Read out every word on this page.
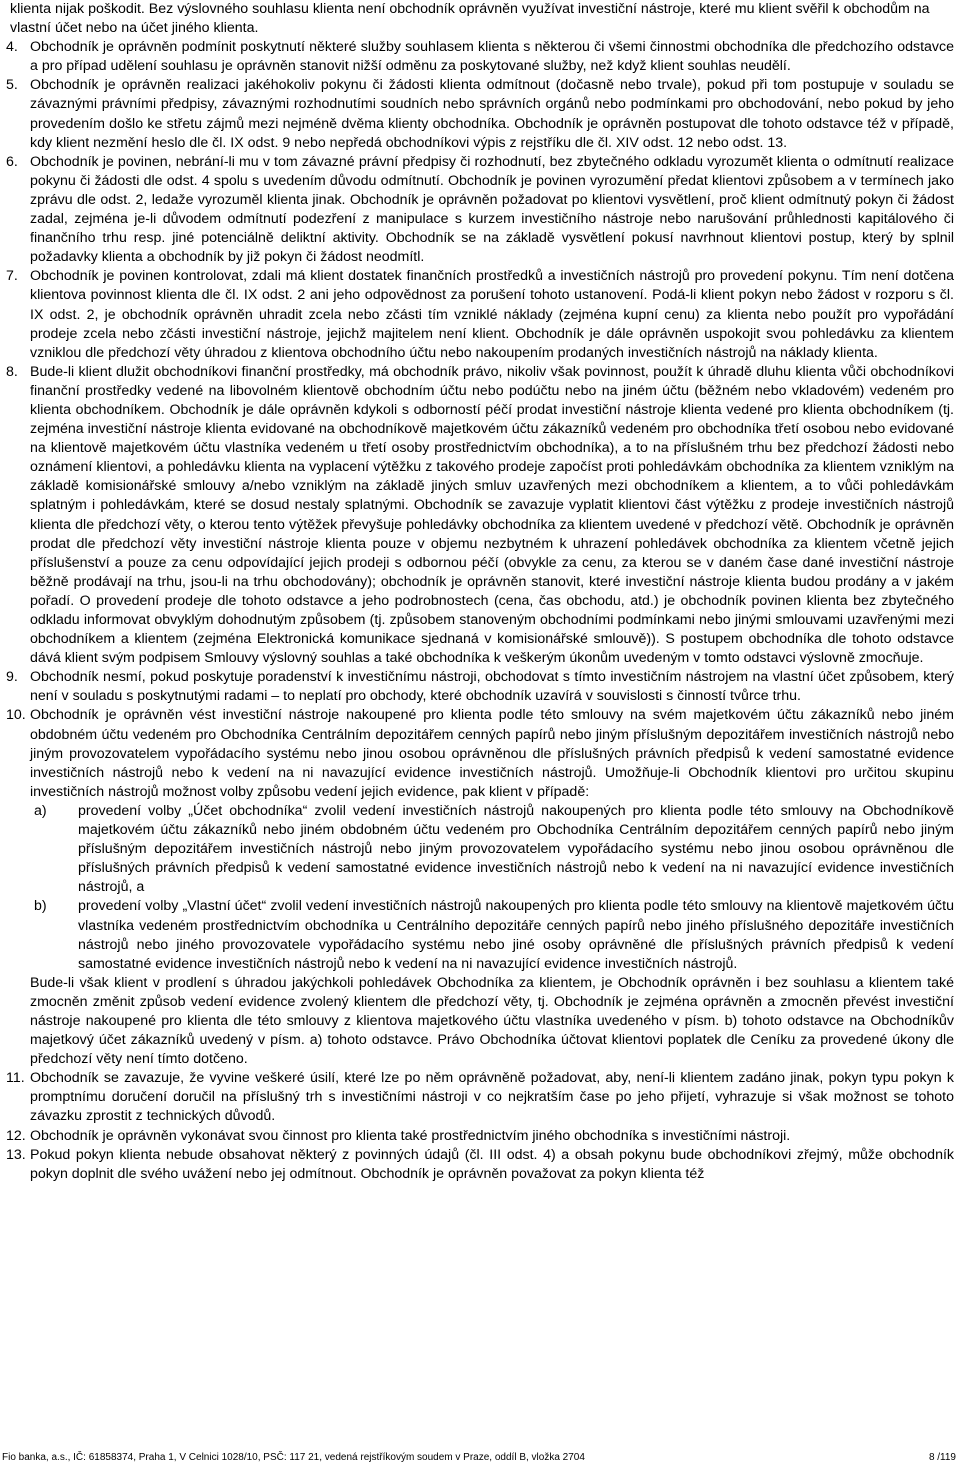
klienta nijak poškodit. Bez výslovného souhlasu klienta není obchodník oprávněn využívat investiční nástroje, které mu klient svěřil k obchodům na vlastní účet nebo na účet jiného klienta.

4. Obchodník je oprávněn podmínit poskytnutí některé služby souhlasem klienta s některou či všemi činnostmi obchodníka dle předchozího odstavce a pro případ udělení souhlasu je oprávněn stanovit nižší odměnu za poskytované služby, než když klient souhlas neudělí.

5. Obchodník je oprávněn realizaci jakéhokoliv pokynu či žádosti klienta odmítnout (dočasně nebo trvale), pokud při tom postupuje v souladu se závaznými právními předpisy, závaznými rozhodnutími soudních nebo správních orgánů nebo podmínkami pro obchodování, nebo pokud by jeho provedením došlo ke střetu zájmů mezi nejméně dvěma klienty obchodníka. Obchodník je oprávněn postupovat dle tohoto odstavce též v případě, kdy klient nezmění heslo dle čl. IX odst. 9 nebo nepředá obchodníkovi výpis z rejstříku dle čl. XIV odst. 12 nebo odst. 13.

6. Obchodník je povinen, nebrání-li mu v tom závazné právní předpisy či rozhodnutí, bez zbytečného odkladu vyrozumět klienta o odmítnutí realizace pokynu či žádosti dle odst. 4 spolu s uvedením důvodu odmítnutí. Obchodník je povinen vyrozumění předat klientovi způsobem a v termínech jako zprávu dle odst. 2, ledaže vyrozuměl klienta jinak. Obchodník je oprávněn požadovat po klientovi vysvětlení, proč klient odmítnutý pokyn či žádost zadal, zejména je-li důvodem odmítnutí podezření z manipulace s kurzem investičního nástroje nebo narušování průhlednosti kapitálového či finančního trhu resp. jiné potenciálně deliktní aktivity. Obchodník se na základě vysvětlení pokusí navrhnout klientovi postup, který by splnil požadavky klienta a obchodník by již pokyn či žádost neodmítl.

7. Obchodník je povinen kontrolovat, zdali má klient dostatek finančních prostředků a investičních nástrojů pro provedení pokynu. Tím není dotčena klientova povinnost klienta dle čl. IX odst. 2 ani jeho odpovědnost za porušení tohoto ustanovení. Podá-li klient pokyn nebo žádost v rozporu s čl. IX odst. 2, je obchodník oprávněn uhradit zcela nebo zčásti tím vzniklé náklady (zejména kupní cenu) za klienta nebo použít pro vypořádání prodeje zcela nebo zčásti investiční nástroje, jejichž majitelem není klient. Obchodník je dále oprávněn uspokojit svou pohledávku za klientem vzniklou dle předchozí věty úhradou z klientova obchodního účtu nebo nakoupením prodaných investičních nástrojů na náklady klienta.

8. Bude-li klient dlužit obchodníkovi finanční prostředky, má obchodník právo, nikoliv však povinnost, použít k úhradě dluhu klienta vůči obchodníkovi finanční prostředky vedené na libovolném klientově obchodním účtu nebo podúčtu nebo na jiném účtu (běžném nebo vkladovém) vedeném pro klienta obchodníkem. Obchodník je dále oprávněn kdykoli s odborností péčí prodat investiční nástroje klienta vedené pro klienta obchodníkem (tj. zejména investiční nástroje klienta evidované na obchodníkově majetkovém účtu zákazníků vedeném pro obchodníka třetí osobou nebo evidované na klientově majetkovém účtu vlastníka vedeném u třetí osoby prostřednictvím obchodníka), a to na příslušném trhu bez předchozí žádosti nebo oznámení klientovi, a pohledávku klienta na vyplacení výtěžku z takového prodeje započíst proti pohledávkám obchodníka za klientem vzniklým na základě komisionářské smlouvy a/nebo vzniklým na základě jiných smluv uzavřených mezi obchodníkem a klientem, a to vůči pohledávkám splatným i pohledávkám, které se dosud nestaly splatnými. Obchodník se zavazuje vyplatit klientovi část výtěžku z prodeje investičních nástrojů klienta dle předchozí věty, o kterou tento výtěžek převyšuje pohledávky obchodníka za klientem uvedené v předchozí větě. Obchodník je oprávněn prodat dle předchozí věty investiční nástroje klienta pouze v objemu nezbytném k uhrazení pohledávek obchodníka za klientem včetně jejich příslušenství a pouze za cenu odpovídající jejich prodeji s odbornou péčí (obvykle za cenu, za kterou se v daném čase dané investiční nástroje běžně prodávají na trhu, jsou-li na trhu obchodovány); obchodník je oprávněn stanovit, které investiční nástroje klienta budou prodány a v jakém pořadí. O provedení prodeje dle tohoto odstavce a jeho podrobnostech (cena, čas obchodu, atd.) je obchodník povinen klienta bez zbytečného odkladu informovat obvyklým dohodnutým způsobem (tj. způsobem stanoveným obchodními podmínkami nebo jinými smlouvami uzavřenými mezi obchodníkem a klientem (zejména Elektronická komunikace sjednaná v komisionářské smlouvě)). S postupem obchodníka dle tohoto odstavce dává klient svým podpisem Smlouvy výslovný souhlas a také obchodníka k veškerým úkonům uvedeným v tomto odstavci výslovně zmocňuje.

9. Obchodník nesmí, pokud poskytuje poradenství k investičnímu nástroji, obchodovat s tímto investičním nástrojem na vlastní účet způsobem, který není v souladu s poskytnutými radami – to neplatí pro obchody, které obchodník uzavírá v souvislosti s činností tvůrce trhu.

10. Obchodník je oprávněn vést investiční nástroje nakoupené pro klienta podle této smlouvy na svém majetkovém účtu zákazníků nebo jiném obdobném účtu vedeném pro Obchodníka Centrálním depozitářem cenných papírů nebo jiným příslušným depozitářem investičních nástrojů nebo jiným provozovatelem vypořádacího systému nebo jinou osobou oprávněnou dle příslušných právních předpisů k vedení samostatné evidence investičních nástrojů nebo k vedení na ni navazující evidence investičních nástrojů. Umožňuje-li Obchodník klientovi pro určitou skupinu investičních nástrojů možnost volby způsobu vedení jejich evidence, pak klient v případě:

a)	provedení volby „Účet obchodníka“ zvolil vedení investičních nástrojů nakoupených pro klienta podle této smlouvy na Obchodníkově majetkovém účtu zákazníků nebo jiném obdobném účtu vedeném pro Obchodníka Centrálním depozitářem cenných papírů nebo jiným příslušným depozitářem investičních nástrojů nebo jiným provozovatelem vypořádacího systému nebo jinou osobou oprávněnou dle příslušných právních předpisů k vedení samostatné evidence investičních nástrojů nebo k vedení na ni navazující evidence investičních nástrojů, a
b)	provedení volby „Vlastní účet“ zvolil vedení investičních nástrojů nakoupených pro klienta podle této smlouvy na klientově majetkovém účtu vlastníka vedeném prostřednictvím obchodníka u Centrálního depozitáře cenných papírů nebo jiného příslušného depozitáře investičních nástrojů nebo jiného provozovatele vypořádacího systému nebo jiné osoby oprávněné dle příslušných právních předpisů k vedení samostatné evidence investičních nástrojů nebo k vedení na ni navazující evidence investičních nástrojů.

Bude-li však klient v prodlení s úhradou jakýchkoli pohledávek Obchodníka za klientem, je Obchodník oprávněn i bez souhlasu a klientem také zmocněn změnit způsob vedení evidence zvolený klientem dle předchozí věty, tj. Obchodník je zejména oprávněn a zmocněn převést investiční nástroje nakoupené pro klienta dle této smlouvy z klientova majetkového účtu vlastníka uvedeného v písm. b) tohoto odstavce na Obchodníkův majetkový účet zákazníků uvedený v písm. a) tohoto odstavce. Právo Obchodníka účtovat klientovi poplatek dle Ceníku za provedené úkony dle předchozí věty není tímto dotčeno.

11. Obchodník se zavazuje, že vyvine veškeré úsilí, které lze po něm oprávněně požadovat, aby, není-li klientem zadáno jinak, pokyn typu pokyn k promptnímu doručení doručil na příslušný trh s investičními nástroji v co nejkratším čase po jeho přijetí, vyhrazuje si však možnost se tohoto závazku zprostit z technických důvodů.

12. Obchodník je oprávněn vykonávat svou činnost pro klienta také prostřednictvím jiného obchodníka s investičními nástroji.

13. Pokud pokyn klienta nebude obsahovat některý z povinných údajů (čl. III odst. 4) a obsah pokynu bude obchodníkovi zřejmý, může obchodník pokyn doplnit dle svého uvážení nebo jej odmítnout. Obchodník je oprávněn považovat za pokyn klienta též

Fio banka, a.s., IČ: 61858374, Praha 1, V Celnici 1028/10, PSČ: 117 21, vedená rejstříkovým soudem v Praze, oddíl B, vložka 2704	8 /119
